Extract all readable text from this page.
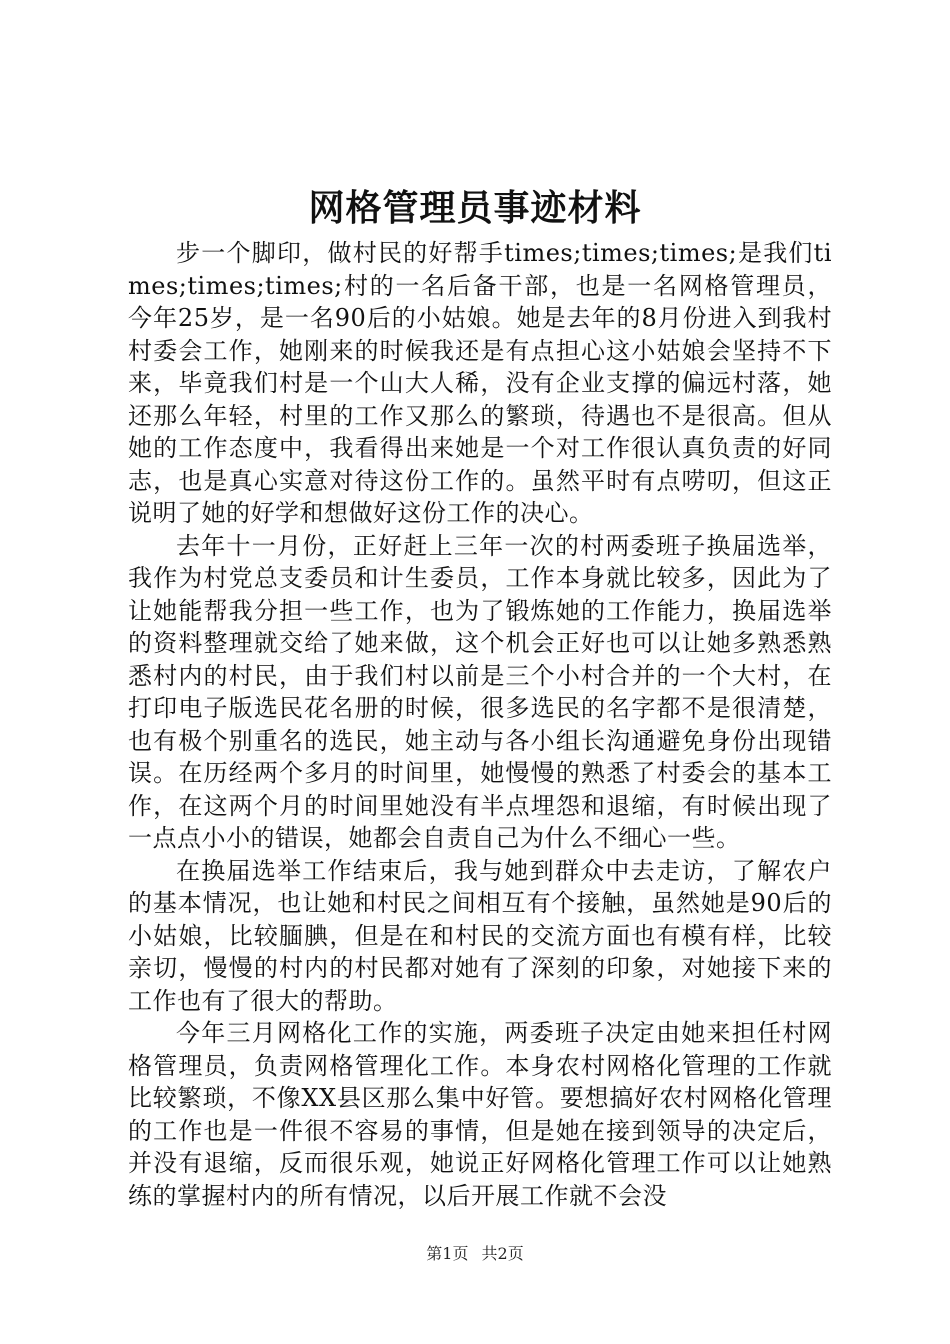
网格管理员事迹材料

步一个脚印，做村民的好帮手times;times;times;是我们times;times;times;村的一名后备干部，也是一名网格管理员，今年25岁，是一名90后的小姑娘。她是去年的8月份进入到我村村委会工作，她刚来的时候我还是有点担心这小姑娘会坚持不下来，毕竟我们村是一个山大人稀，没有企业支撑的偏远村落，她还那么年轻，村里的工作又那么的繁琐，待遇也不是很高。但从她的工作态度中，我看得出来她是一个对工作很认真负责的好同志，也是真心实意对待这份工作的。虽然平时有点唠叨，但这正说明了她的好学和想做好这份工作的决心。

去年十一月份，正好赶上三年一次的村两委班子换届选举，我作为村党总支委员和计生委员，工作本身就比较多，因此为了让她能帮我分担一些工作，也为了锻炼她的工作能力，换届选举的资料整理就交给了她来做，这个机会正好也可以让她多熟悉熟悉村内的村民，由于我们村以前是三个小村合并的一个大村，在打印电子版选民花名册的时候，很多选民的名字都不是很清楚，也有极个别重名的选民，她主动与各小组长沟通避免身份出现错误。在历经两个多月的时间里，她慢慢的熟悉了村委会的基本工作，在这两个月的时间里她没有半点埋怨和退缩，有时候出现了一点点小小的错误，她都会自责自己为什么不细心一些。

在换届选举工作结束后，我与她到群众中去走访，了解农户的基本情况，也让她和村民之间相互有个接触，虽然她是90后的小姑娘，比较腼腆，但是在和村民的交流方面也有模有样，比较亲切，慢慢的村内的村民都对她有了深刻的印象，对她接下来的工作也有了很大的帮助。

今年三月网格化工作的实施，两委班子决定由她来担任村网格管理员，负责网格管理化工作。本身农村网格化管理的工作就比较繁琐，不像XX县区那么集中好管。要想搞好农村网格化管理的工作也是一件很不容易的事情，但是她在接到领导的决定后，并没有退缩，反而很乐观，她说正好网格化管理工作可以让她熟练的掌握村内的所有情况，以后开展工作就不会没

第1页 共2页
